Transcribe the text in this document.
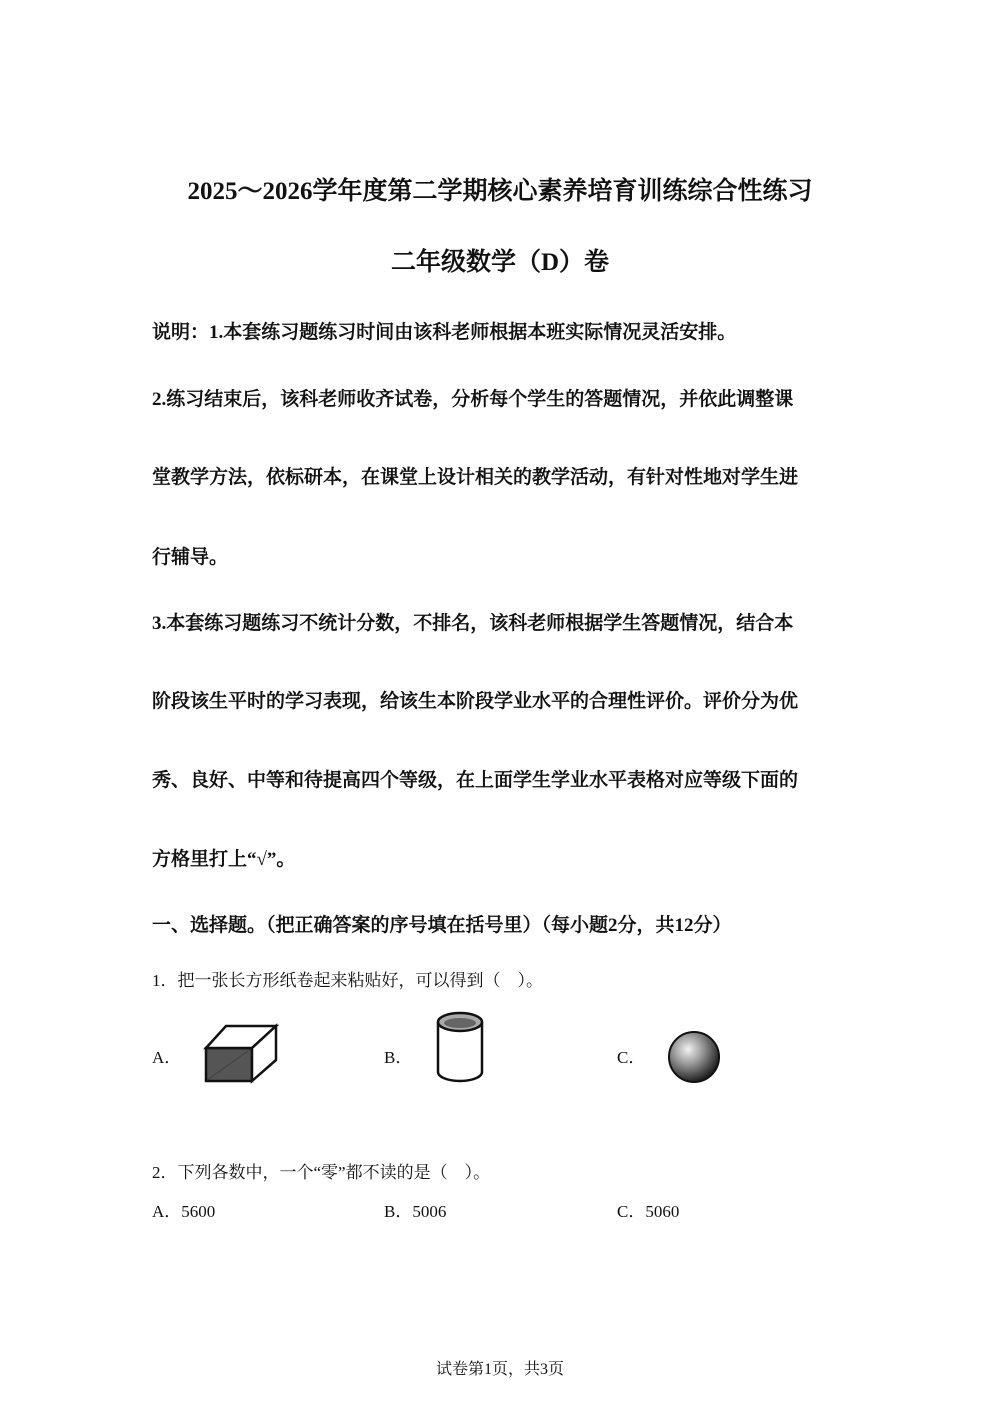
2025～2026学年度第二学期核心素养培育训练综合性练习
二年级数学（D）卷
说明：1.本套练习题练习时间由该科老师根据本班实际情况灵活安排。
2.练习结束后，该科老师收齐试卷，分析每个学生的答题情况，并依此调整课
堂教学方法，依标研本，在课堂上设计相关的教学活动，有针对性地对学生进
行辅导。
3.本套练习题练习不统计分数，不排名，该科老师根据学生答题情况，结合本
阶段该生平时的学习表现，给该生本阶段学业水平的合理性评价。评价分为优
秀、良好、中等和待提高四个等级，在上面学生学业水平表格对应等级下面的
方格里打上“√”。
一、选择题。（把正确答案的序号填在括号里）（每小题2分，共12分）
1．把一张长方形纸卷起来粘贴好，可以得到（　）。
A．	B．	C．
2．下列各数中，一个“零”都不读的是（　）。
A．5600	B．5006	C．5060
试卷第1页，共3页
